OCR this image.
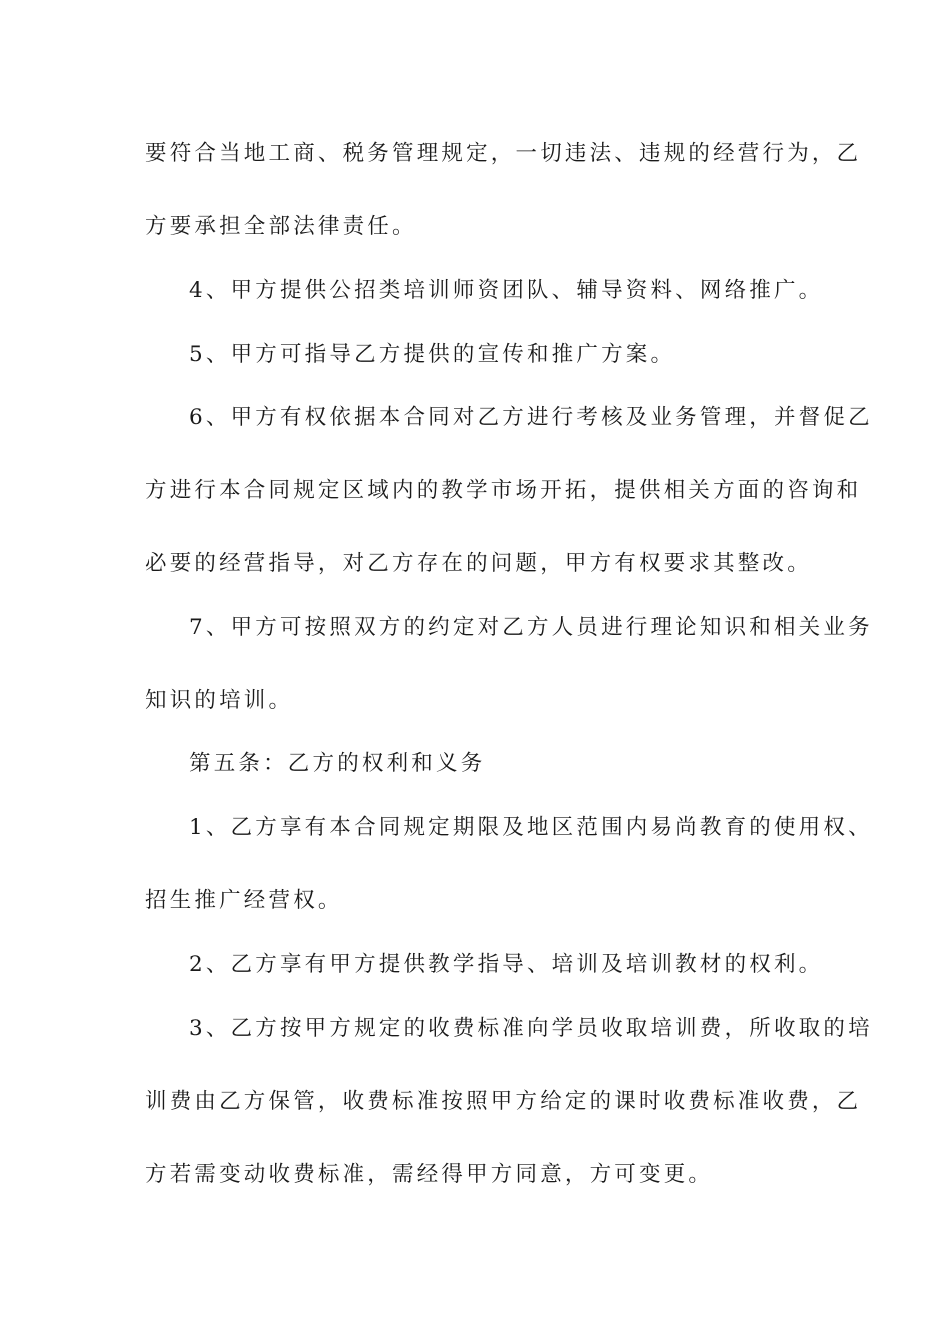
要符合当地工商、税务管理规定，一切违法、违规的经营行为，乙
方要承担全部法律责任。
4、甲方提供公招类培训师资团队、辅导资料、网络推广。
5、甲方可指导乙方提供的宣传和推广方案。
6、甲方有权依据本合同对乙方进行考核及业务管理，并督促乙
方进行本合同规定区域内的教学市场开拓，提供相关方面的咨询和
必要的经营指导，对乙方存在的问题，甲方有权要求其整改。
7、甲方可按照双方的约定对乙方人员进行理论知识和相关业务
知识的培训。
第五条：乙方的权利和义务
1、乙方享有本合同规定期限及地区范围内易尚教育的使用权、
招生推广经营权。
2、乙方享有甲方提供教学指导、培训及培训教材的权利。
3、乙方按甲方规定的收费标准向学员收取培训费，所收取的培
训费由乙方保管，收费标准按照甲方给定的课时收费标准收费，乙
方若需变动收费标准，需经得甲方同意，方可变更。
